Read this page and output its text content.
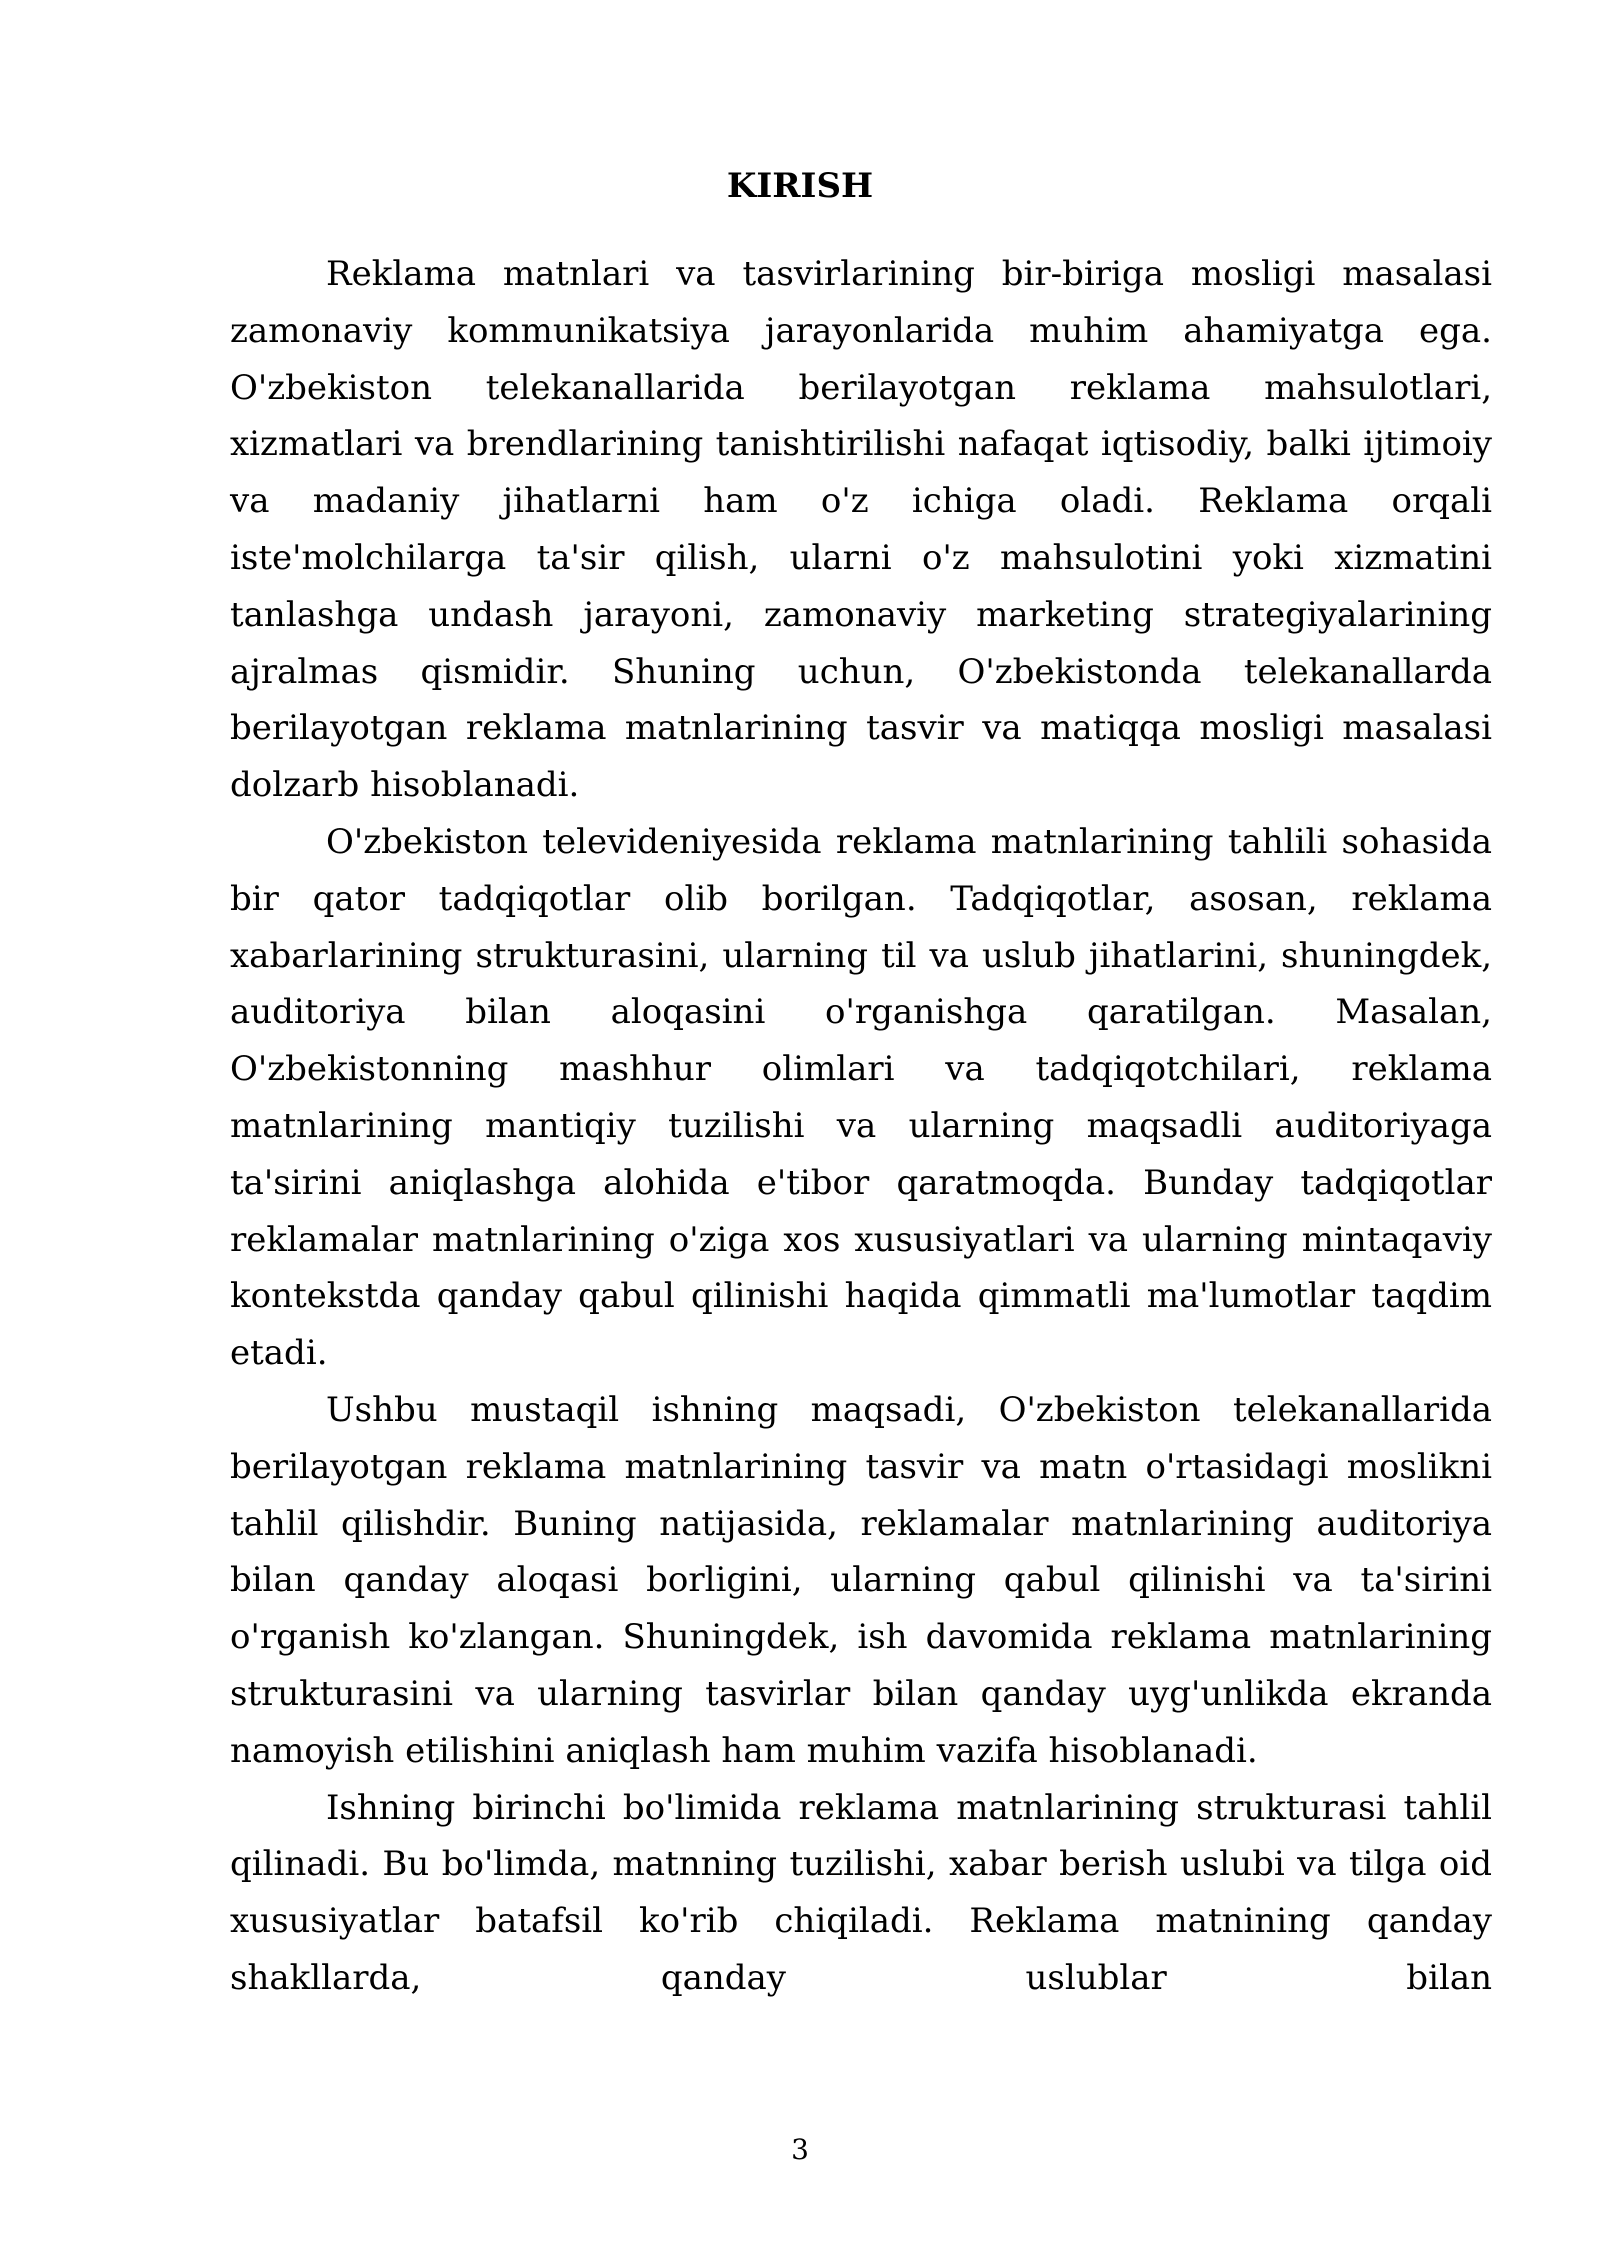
KIRISH

Reklama matnlari va tasvirlarining bir-biriga mosligi masalasi zamonaviy kommunikatsiya jarayonlarida muhim ahamiyatga ega. O'zbekiston telekanallarida berilayotgan reklama mahsulotlari, xizmatlari va brendlarining tanishtirilishi nafaqat iqtisodiy, balki ijtimoiy va madaniy jihatlarni ham o'z ichiga oladi. Reklama orqali iste'molchilarga ta'sir qilish, ularni o'z mahsulotini yoki xizmatini tanlashga undash jarayoni, zamonaviy marketing strategiyalarining ajralmas qismidir. Shuning uchun, O'zbekistonda telekanallarda berilayotgan reklama matnlarining tasvir va matiqqa mosligi masalasi dolzarb hisoblanadi.

O'zbekiston televideniyesida reklama matnlarining tahlili sohasida bir qator tadqiqotlar olib borilgan. Tadqiqotlar, asosan, reklama xabarlarining strukturasini, ularning til va uslub jihatlarini, shuningdek, auditoriya bilan aloqasini o'rganishga qaratilgan. Masalan, O'zbekistonning mashhur olimlari va tadqiqotchilari, reklama matnlarining mantiqiy tuzilishi va ularning maqsadli auditoriyaga ta'sirini aniqlashga alohida e'tibor qaratmoqda. Bunday tadqiqotlar reklamalar matnlarining o'ziga xos xususiyatlari va ularning mintaqaviy kontekstda qanday qabul qilinishi haqida qimmatli ma'lumotlar taqdim etadi.

Ushbu mustaqil ishning maqsadi, O'zbekiston telekanallarida berilayotgan reklama matnlarining tasvir va matn o'rtasidagi moslikni tahlil qilishdir. Buning natijasida, reklamalar matnlarining auditoriya bilan qanday aloqasi borligini, ularning qabul qilinishi va ta'sirini o'rganish ko'zlangan. Shuningdek, ish davomida reklama matnlarining strukturasini va ularning tasvirlar bilan qanday uyg'unlikda ekranda namoyish etilishini aniqlash ham muhim vazifa hisoblanadi.

Ishning birinchi bo'limida reklama matnlarining strukturasi tahlil qilinadi. Bu bo'limda, matnning tuzilishi, xabar berish uslubi va tilga oid xususiyatlar batafsil ko'rib chiqiladi. Reklama matnining qanday shakllarda, qanday uslublar bilan

3
